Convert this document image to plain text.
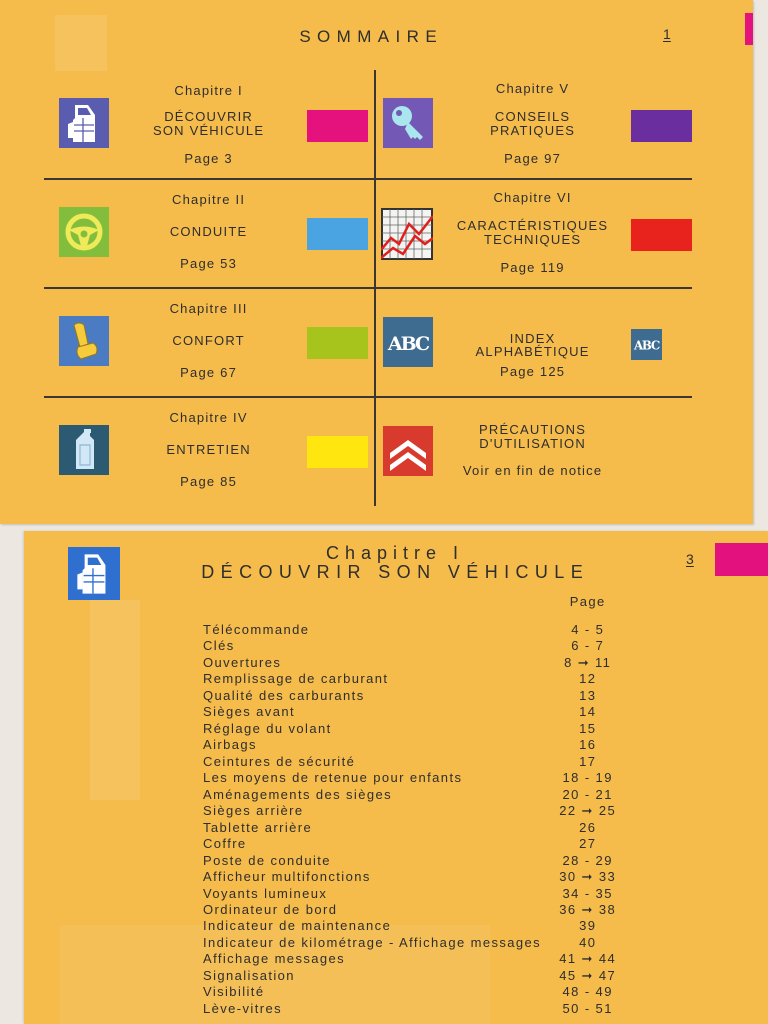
SOMMAIRE	1
Chapitre I
DÉCOUVRIR
SON VÉHICULE
Page 3
Chapitre II
CONDUITE
Page 53
Chapitre III
CONFORT
Page 67
Chapitre IV
ENTRETIEN
Page 85
Chapitre V
CONSEILS
PRATIQUES
Page 97
Chapitre VI
CARACTÉRISTIQUES
TECHNIQUES
Page 119
ABC	INDEX
ALPHABÉTIQUE
Page 125
ABC
PRÉCAUTIONS
D'UTILISATION
Voir en fin de notice
Chapitre I
DÉCOUVRIR SON VÉHICULE
3
Page
Télécommande	4 - 5
Clés	6 - 7
Ouvertures	8 ➞ 11
Remplissage de carburant	12
Qualité des carburants	13
Sièges avant	14
Réglage du volant	15
Airbags	16
Ceintures de sécurité	17
Les moyens de retenue pour enfants	18 - 19
Aménagements des sièges	20 - 21
Sièges arrière	22 ➞ 25
Tablette arrière	26
Coffre	27
Poste de conduite	28 - 29
Afficheur multifonctions	30 ➞ 33
Voyants lumineux	34 - 35
Ordinateur de bord	36 ➞ 38
Indicateur de maintenance	39
Indicateur de kilométrage - Affichage messages	40
Affichage messages	41 ➞ 44
Signalisation	45 ➞ 47
Visibilité	48 - 49
Lève-vitres	50 - 51
